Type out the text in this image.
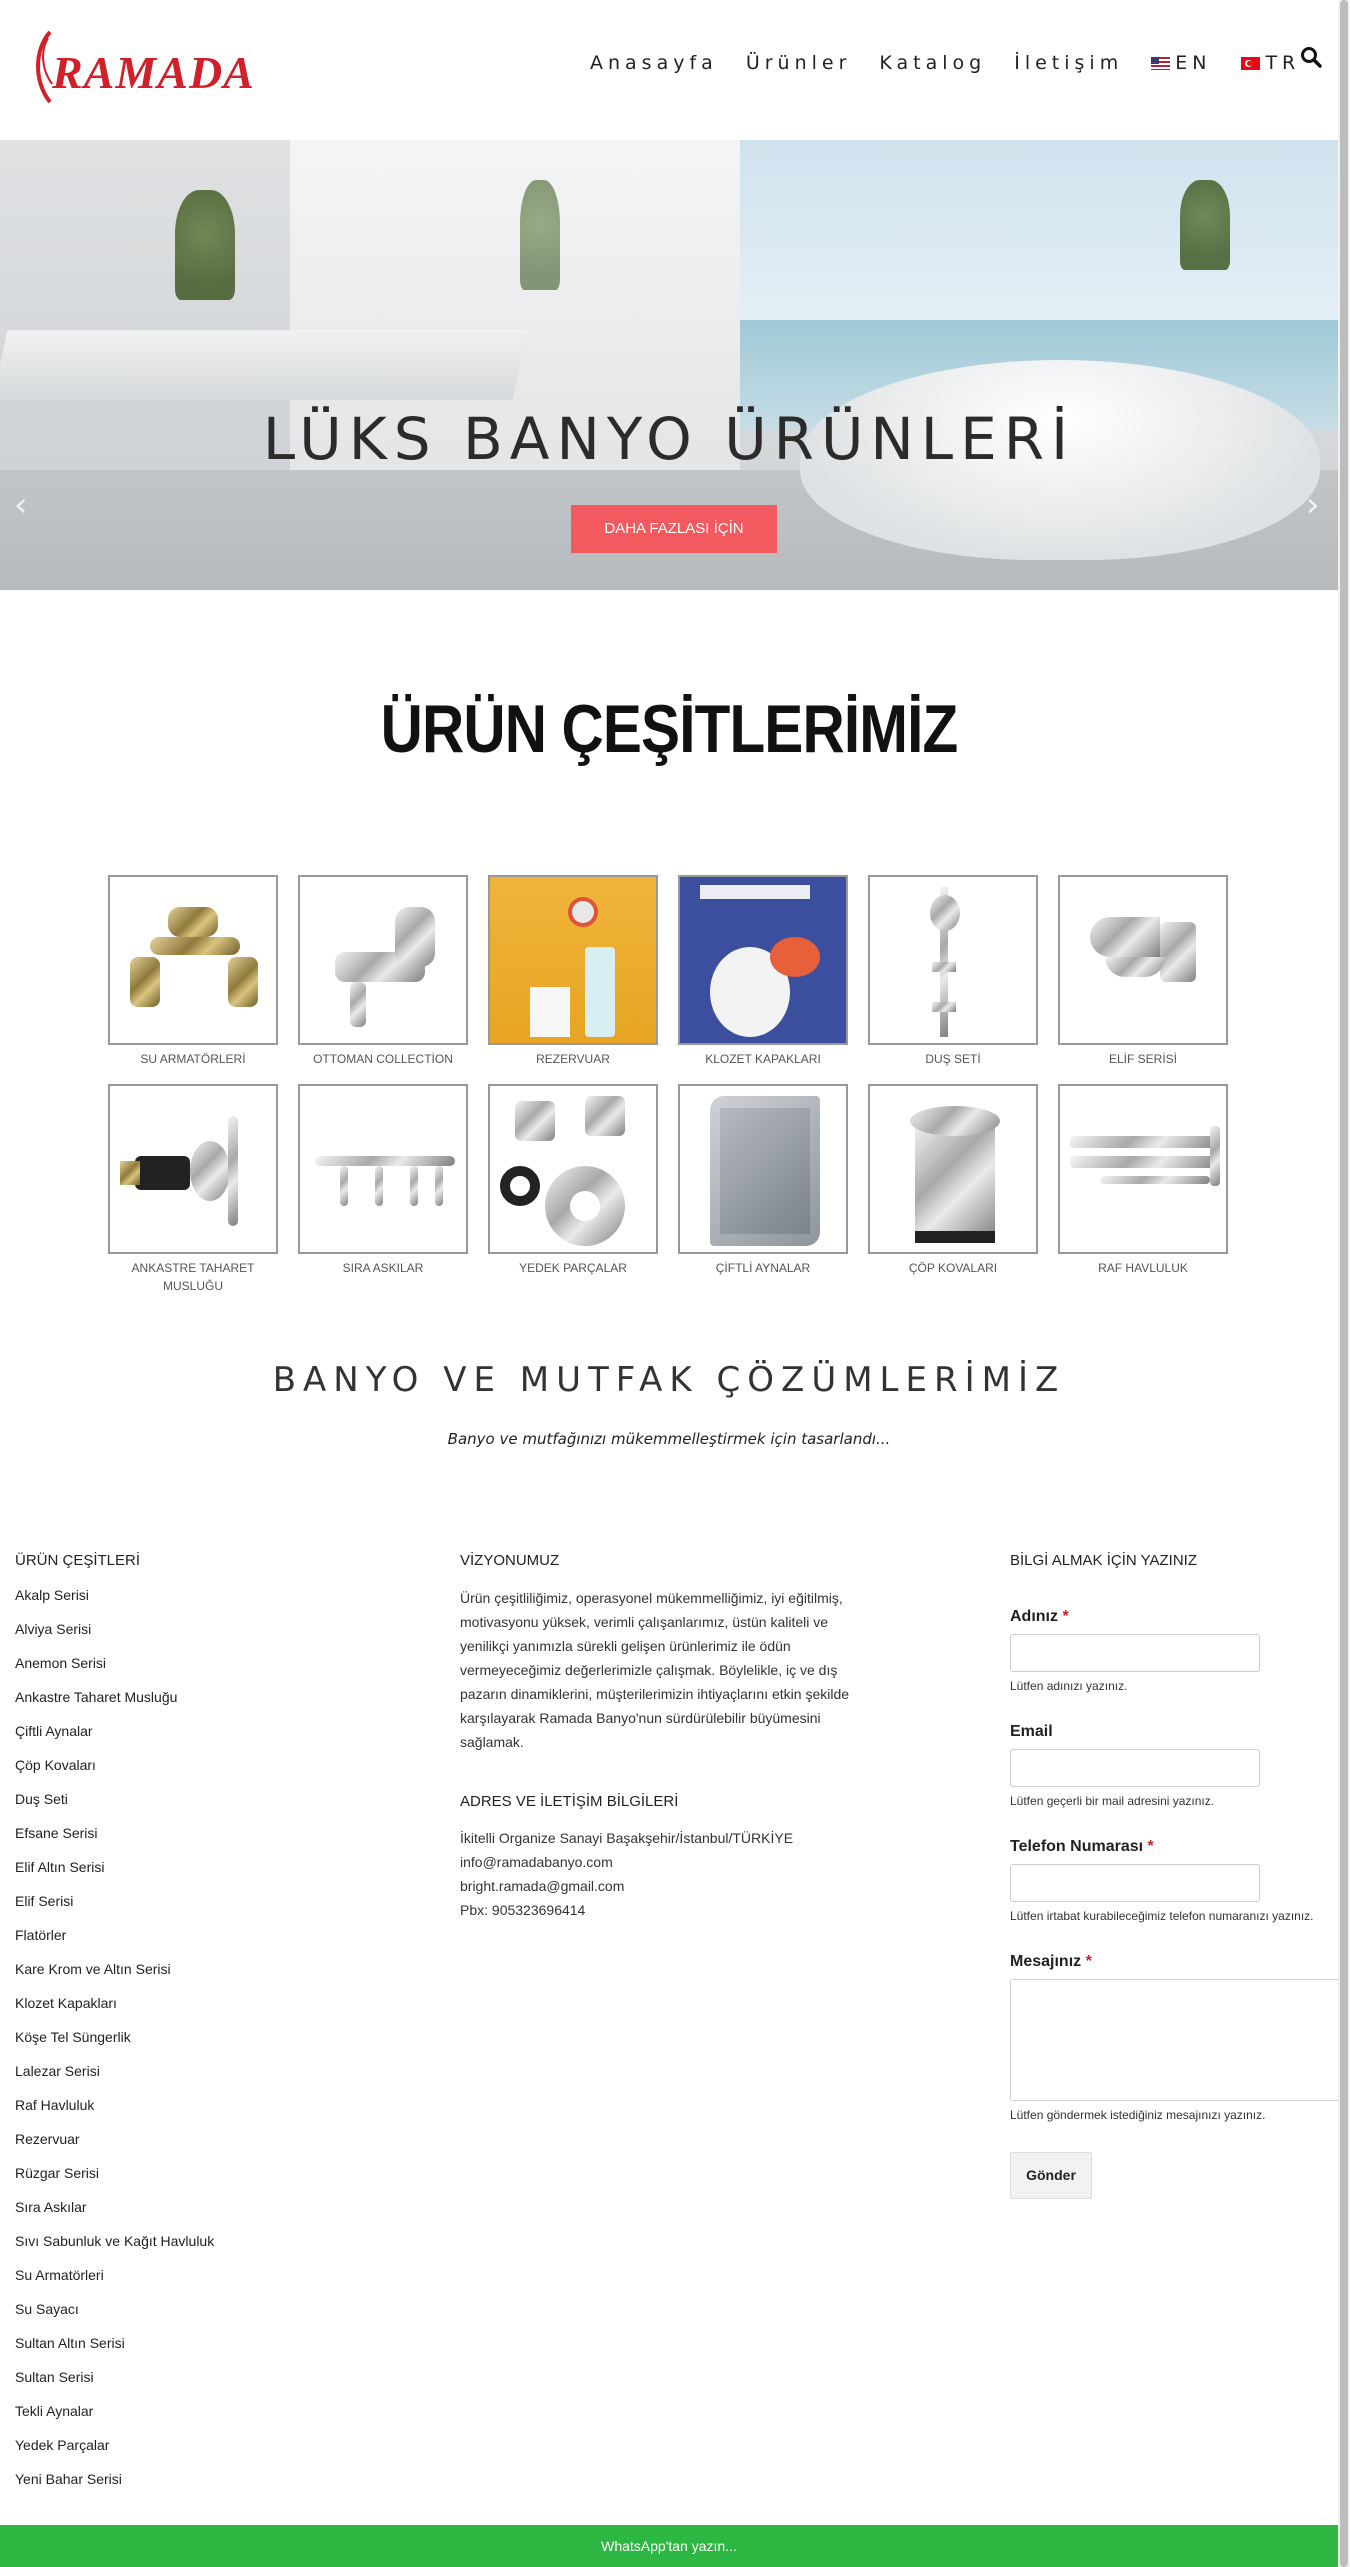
RAMADA	Anasayfa Ürünler Katalog İletişim	EN	TR
‹	›
LÜKS BANYO ÜRÜNLERİ
DAHA FAZLASI İÇİN
ÜRÜN ÇEŞİTLERİMİZ
SU ARMATÖRLERİ	OTTOMAN COLLECTİON	REZERVUAR	KLOZET KAPAKLARI	DUŞ SETİ	ELİF SERİSİ
ANKASTRE TAHARET MUSLUĞU
SIRA ASKILAR	YEDEK PARÇALAR	ÇİFTLİ AYNALAR	ÇÖP KOVALARI	RAF HAVLULUK
BANYO VE MUTFAK ÇÖZÜMLERİMİZ
Banyo ve mutfağınızı mükemmelleştirmek için tasarlandı...
ÜRÜN ÇEŞİTLERİ
Akalp Serisi
Alviya Serisi
Anemon Serisi
Ankastre Taharet Musluğu
Çiftli Aynalar
Çöp Kovaları
Duş Seti
Efsane Serisi
Elif Altın Serisi
Elif Serisi
Flatörler
Kare Krom ve Altın Serisi
Klozet Kapakları
Köşe Tel Süngerlik
Lalezar Serisi
Raf Havluluk
Rezervuar
Rüzgar Serisi
Sıra Askılar
Sıvı Sabunluk ve Kağıt Havluluk
Su Armatörleri
Su Sayacı
Sultan Altın Serisi
Sultan Serisi
Tekli Aynalar
Yedek Parçalar
Yeni Bahar Serisi
VİZYONUMUZ
Ürün çeşitliliğimiz, operasyonel mükemmelliğimiz, iyi eğitilmiş, motivasyonu yüksek, verimli çalışanlarımız, üstün kaliteli ve yenilikçi yanımızla sürekli gelişen ürünlerimiz ile ödün vermeyeceğimiz değerlerimizle çalışmak. Böylelikle, iç ve dış pazarın dinamiklerini, müşterilerimizin ihtiyaçlarını etkin şekilde karşılayarak Ramada Banyo'nun sürdürülebilir büyümesini sağlamak.
ADRES VE İLETİŞİM BİLGİLERİ
İkitelli Organize Sanayi Başakşehir/İstanbul/TÜRKİYE
info@ramadabanyo.com
bright.ramada@gmail.com
Pbx: 905323696414
BİLGİ ALMAK İÇİN YAZINIZ
Adınız *
Lütfen adınızı yazınız.
Email
Lütfen geçerli bir mail adresini yazınız.
Telefon Numarası *
Lütfen irtabat kurabileceğimiz telefon numaranızı yazınız.
Mesajınız *
Lütfen göndermek istediğiniz mesajınızı yazınız.
Gönder
WhatsApp'tan yazın...
